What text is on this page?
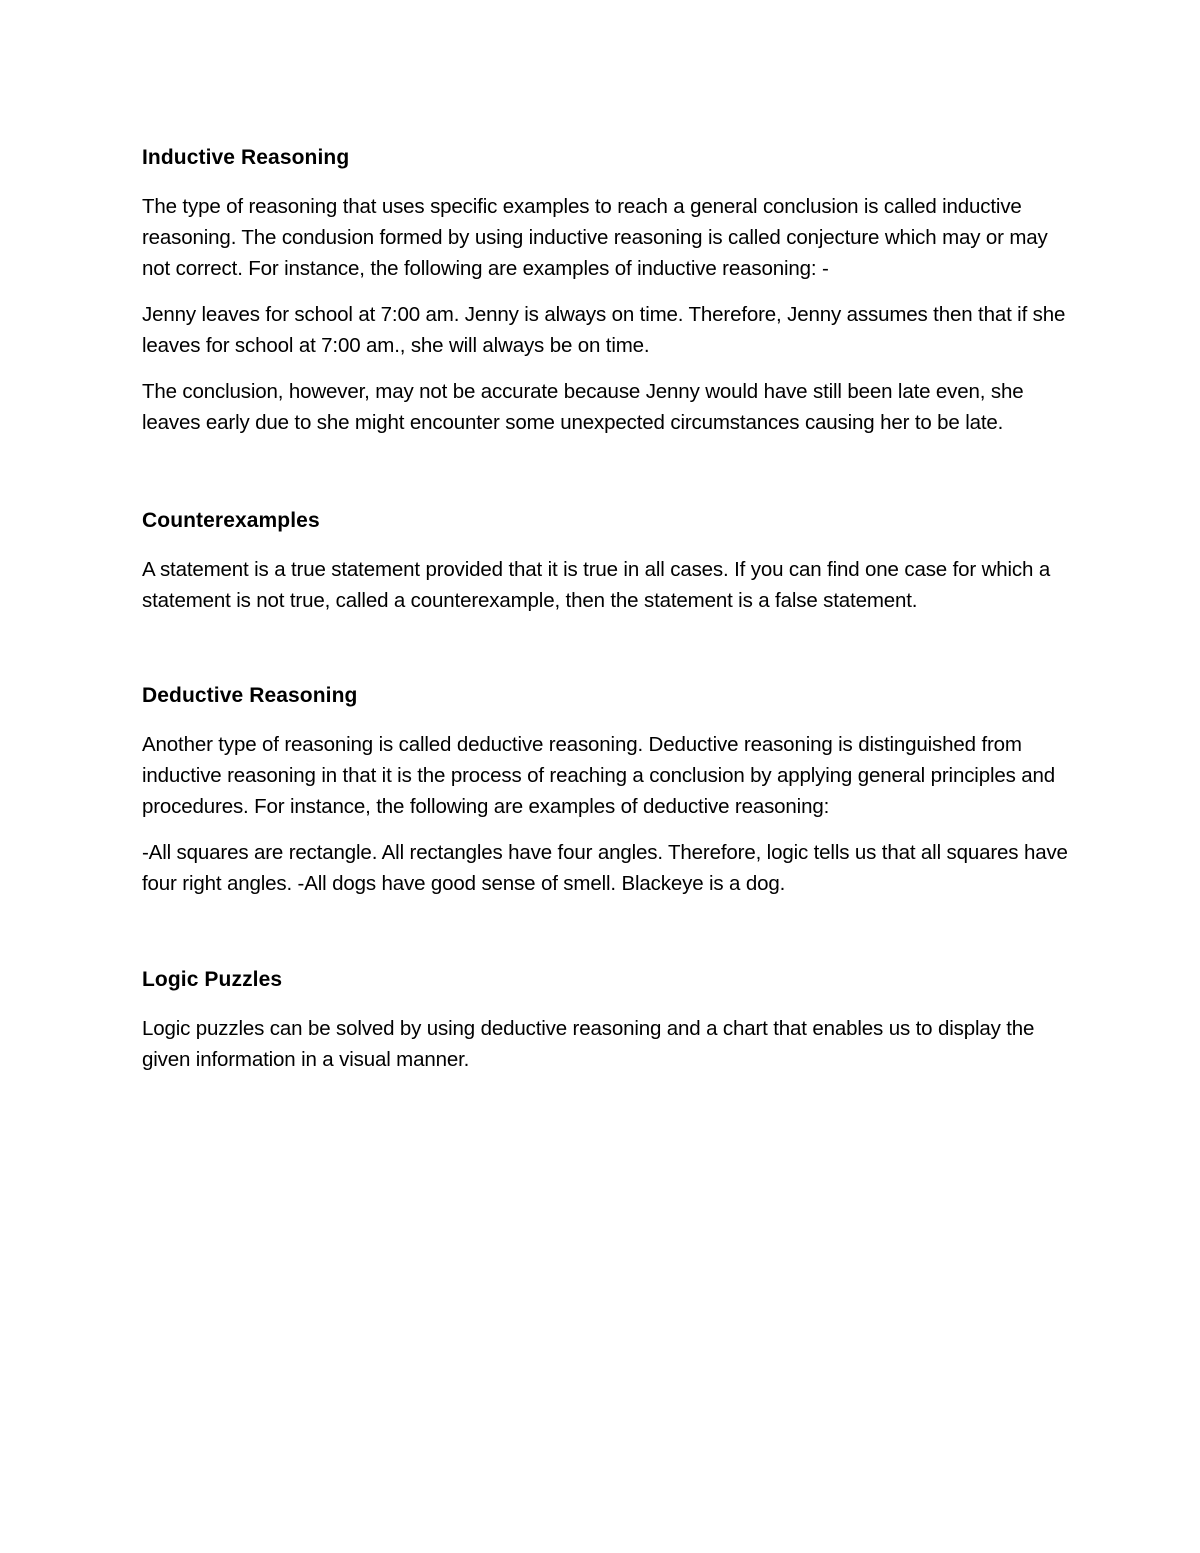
Inductive Reasoning

The type of reasoning that uses specific examples to reach a general conclusion is called inductive reasoning. The condusion formed by using inductive reasoning is called conjecture which may or may not correct. For instance, the following are examples of inductive reasoning: -

Jenny leaves for school at 7:00 am. Jenny is always on time. Therefore, Jenny assumes then that if she leaves for school at 7:00 am., she will always be on time.

The conclusion, however, may not be accurate because Jenny would have still been late even, she leaves early due to she might encounter some unexpected circumstances causing her to be late.

Counterexamples

A statement is a true statement provided that it is true in all cases. If you can find one case for which a statement is not true, called a counterexample, then the statement is a false statement.

Deductive Reasoning

Another type of reasoning is called deductive reasoning. Deductive reasoning is distinguished from inductive reasoning in that it is the process of reaching a conclusion by applying general principles and procedures. For instance, the following are examples of deductive reasoning:

-All squares are rectangle. All rectangles have four angles. Therefore, logic tells us that all squares have four right angles. -All dogs have good sense of smell. Blackeye is a dog.

Logic Puzzles

Logic puzzles can be solved by using deductive reasoning and a chart that enables us to display the given information in a visual manner.
